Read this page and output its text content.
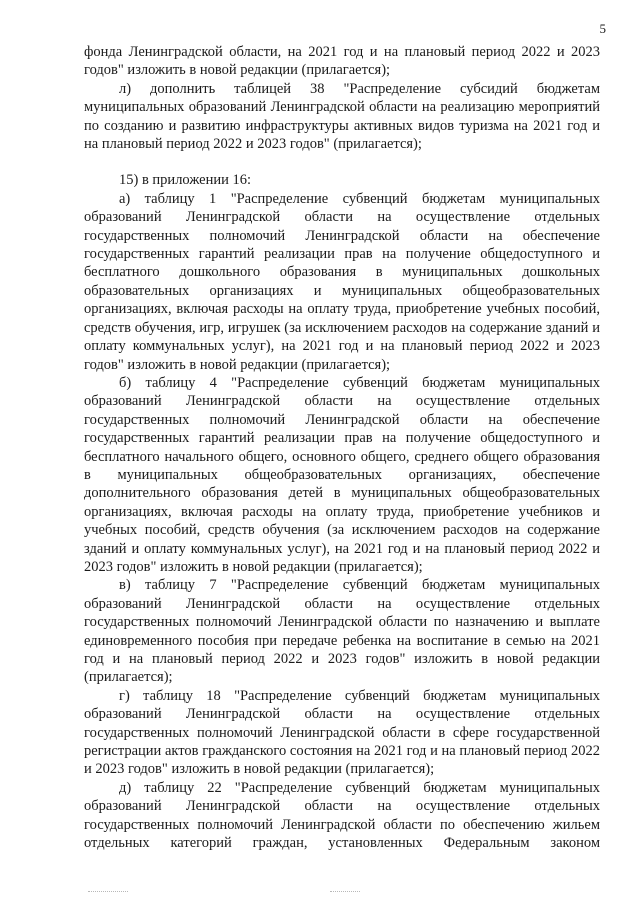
5

фонда Ленинградской области, на 2021 год и на плановый период 2022 и 2023 годов" изложить в новой редакции (прилагается);

л) дополнить таблицей 38 "Распределение субсидий бюджетам муниципальных образований Ленинградской области на реализацию мероприятий по созданию и развитию инфраструктуры активных видов туризма на 2021 год и на плановый период 2022 и 2023 годов" (прилагается);

15) в приложении 16:

а) таблицу 1 "Распределение субвенций бюджетам муниципальных образований Ленинградской области на осуществление отдельных государственных полномочий Ленинградской области на обеспечение государственных гарантий реализации прав на получение общедоступного и бесплатного дошкольного образования в муниципальных дошкольных образовательных организациях и муниципальных общеобразовательных организациях, включая расходы на оплату труда, приобретение учебных пособий, средств обучения, игр, игрушек (за исключением расходов на содержание зданий и оплату коммунальных услуг), на 2021 год и на плановый период 2022 и 2023 годов" изложить в новой редакции (прилагается);

б) таблицу 4 "Распределение субвенций бюджетам муниципальных образований Ленинградской области на осуществление отдельных государственных полномочий Ленинградской области на обеспечение государственных гарантий реализации прав на получение общедоступного и бесплатного начального общего, основного общего, среднего общего образования в муниципальных общеобразовательных организациях, обеспечение дополнительного образования детей в муниципальных общеобразовательных организациях, включая расходы на оплату труда, приобретение учебников и учебных пособий, средств обучения (за исключением расходов на содержание зданий и оплату коммунальных услуг), на 2021 год и на плановый период 2022 и 2023 годов" изложить в новой редакции (прилагается);

в) таблицу 7 "Распределение субвенций бюджетам муниципальных образований Ленинградской области на осуществление отдельных государственных полномочий Ленинградской области по назначению и выплате единовременного пособия при передаче ребенка на воспитание в семью на 2021 год и на плановый период 2022 и 2023 годов" изложить в новой редакции (прилагается);

г) таблицу 18 "Распределение субвенций бюджетам муниципальных образований Ленинградской области на осуществление отдельных государственных полномочий Ленинградской области в сфере государственной регистрации актов гражданского состояния на 2021 год и на плановый период 2022 и 2023 годов" изложить в новой редакции (прилагается);

д) таблицу 22 "Распределение субвенций бюджетам муниципальных образований Ленинградской области на осуществление отдельных государственных полномочий Ленинградской области по обеспечению жильем отдельных категорий граждан, установленных Федеральным законом
